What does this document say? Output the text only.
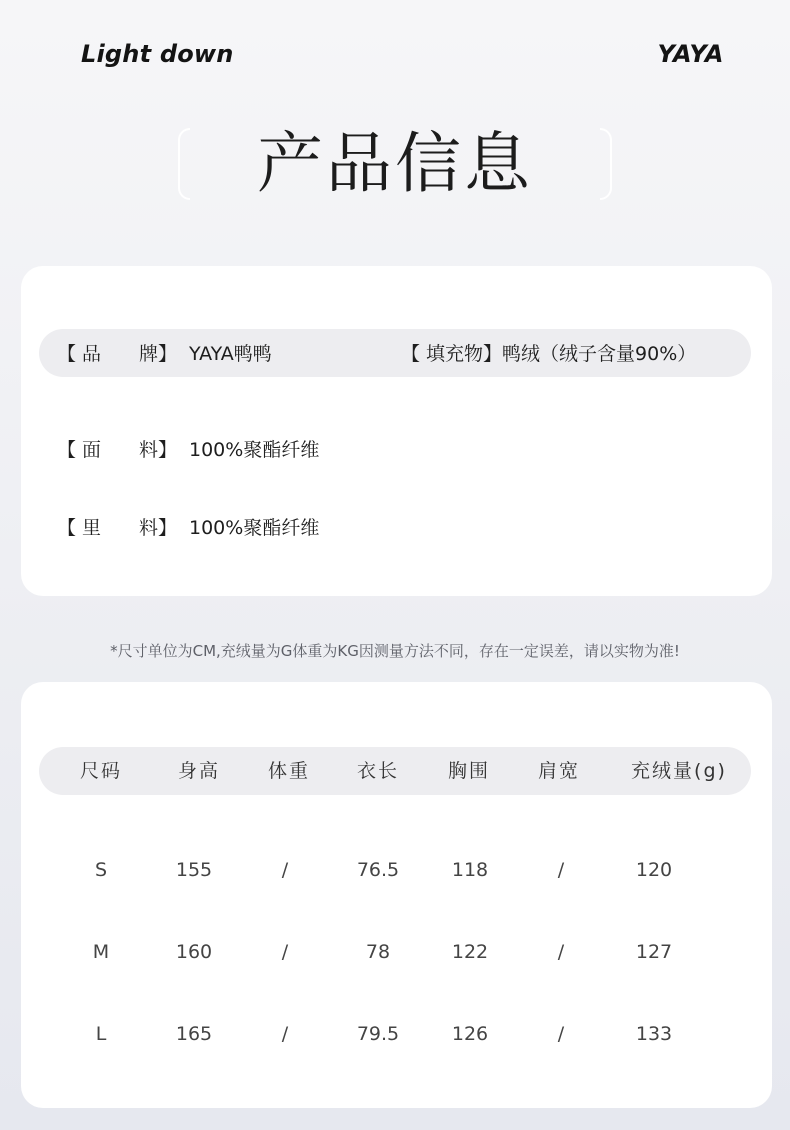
Light down	YAYA
产品信息
【 品　　牌】 YAYA鸭鸭	【 填充物】鸭绒（绒子含量90%）
【 面　　料】 100%聚酯纤维
【 里　　料】 100%聚酯纤维
*尺寸单位为CM,充绒量为G体重为KG因测量方法不同，存在一定误差，请以实物为准!
尺码	身高	体重 衣长	胸围	肩宽	充绒量(g)
S	155	/	76.5	118	/	120
M	160	/	78	122	/	127
L	165	/	79.5	126	/	133
